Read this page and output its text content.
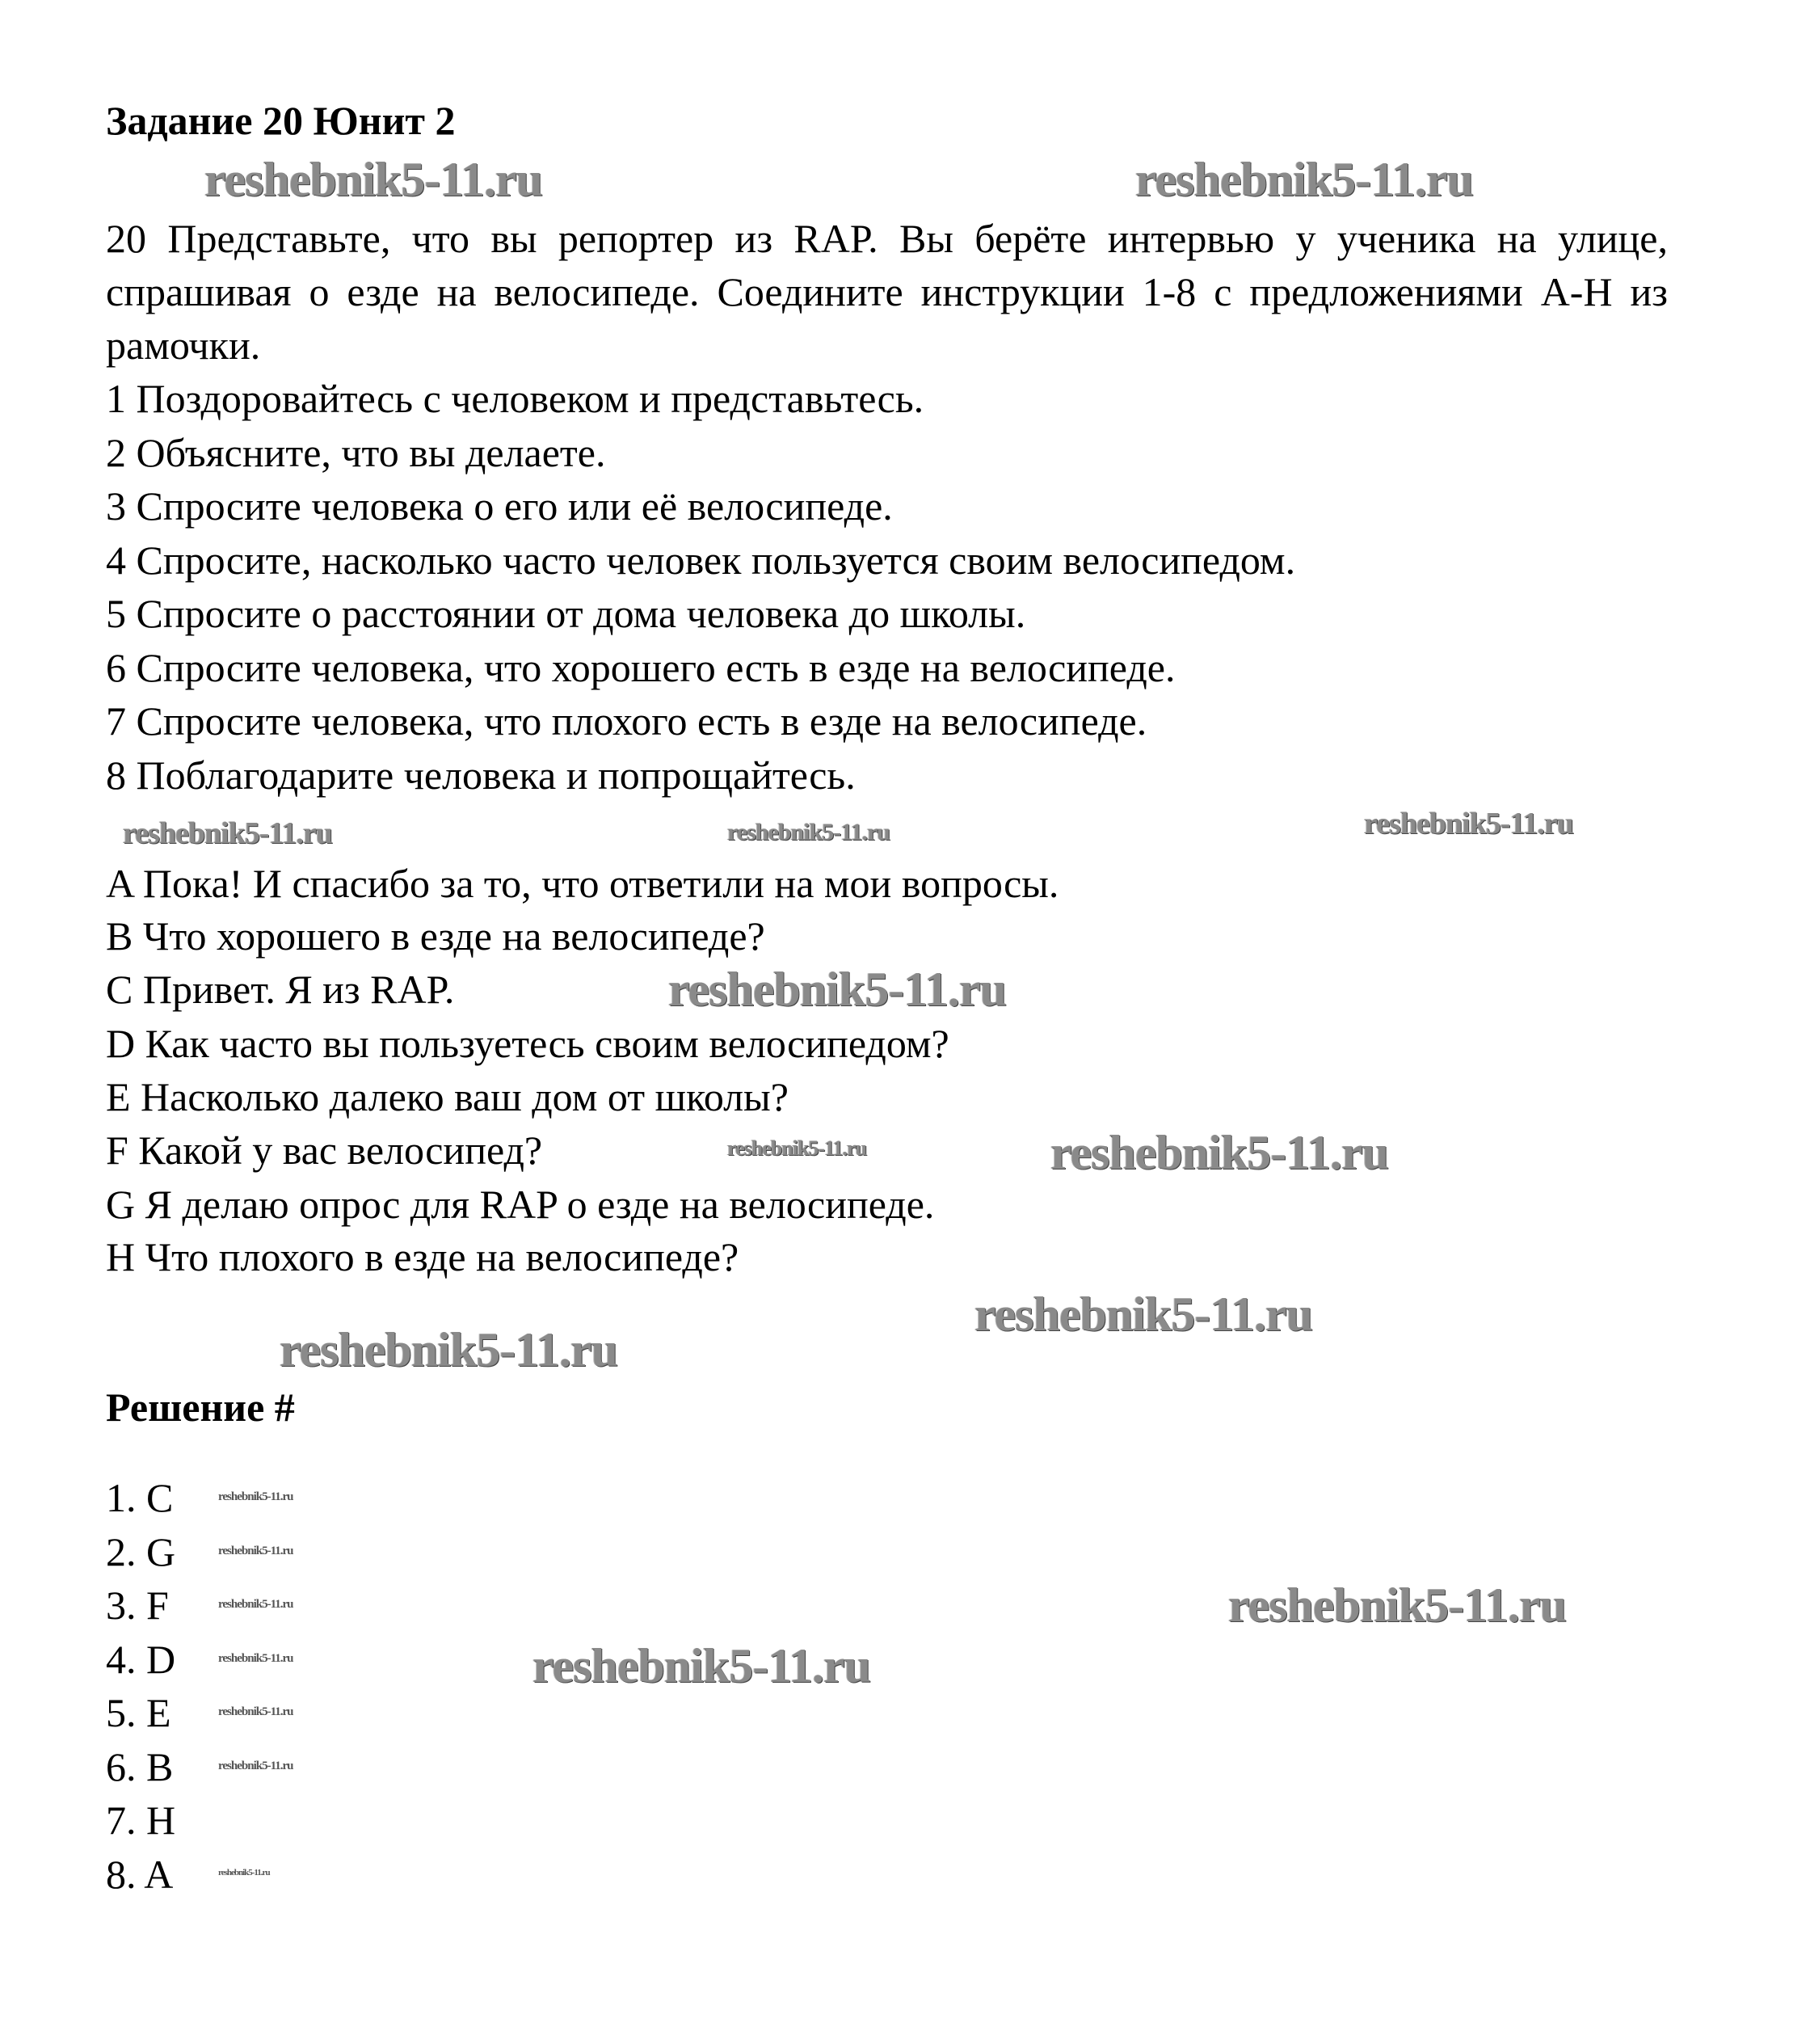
Задание 20 Юнит 2
20 Представьте, что вы репортер из RAP. Вы берёте интервью у ученика на улице, спрашивая о езде на велосипеде. Соедините инструкции 1-8 с предложениями A-H из рамочки.
1 Поздоровайтесь с человеком и представьтесь.
2 Объясните, что вы делаете.
3 Спросите человека о его или её велосипеде.
4 Спросите, насколько часто человек пользуется своим велосипедом.
5 Спросите о расстоянии от дома человека до школы.
6 Спросите человека, что хорошего есть в езде на велосипеде.
7 Спросите человека, что плохого есть в езде на велосипеде.
8 Поблагодарите человека и попрощайтесь.
A Пока! И спасибо за то, что ответили на мои вопросы.
B Что хорошего в езде на велосипеде?
C Привет. Я из RAP.
D Как часто вы пользуетесь своим велосипедом?
E Насколько далеко ваш дом от школы?
F Какой у вас велосипед?
G Я делаю опрос для RAP о езде на велосипеде.
H Что плохого в езде на велосипеде?
Решение #
1. C
2. G
3. F
4. D
5. E
6. B
7. H
8. A
reshebnik5-11.ru	reshebnik5-11.ru
reshebnik5-11.ru
reshebnik5-11.ru
reshebnik5-11.ru
reshebnik5-11.ru
reshebnik5-11.ru
reshebnik5-11.ru
reshebnik5-11.ru	reshebnik5-11.ru
reshebnik5-11.ru
reshebnik5-11.ru
reshebnik5-11.ru
reshebnik5-11.ru
reshebnik5-11.ru
reshebnik5-11.ru
reshebnik5-11.ru
reshebnik5-11.ru
reshebnik5-11.ru
